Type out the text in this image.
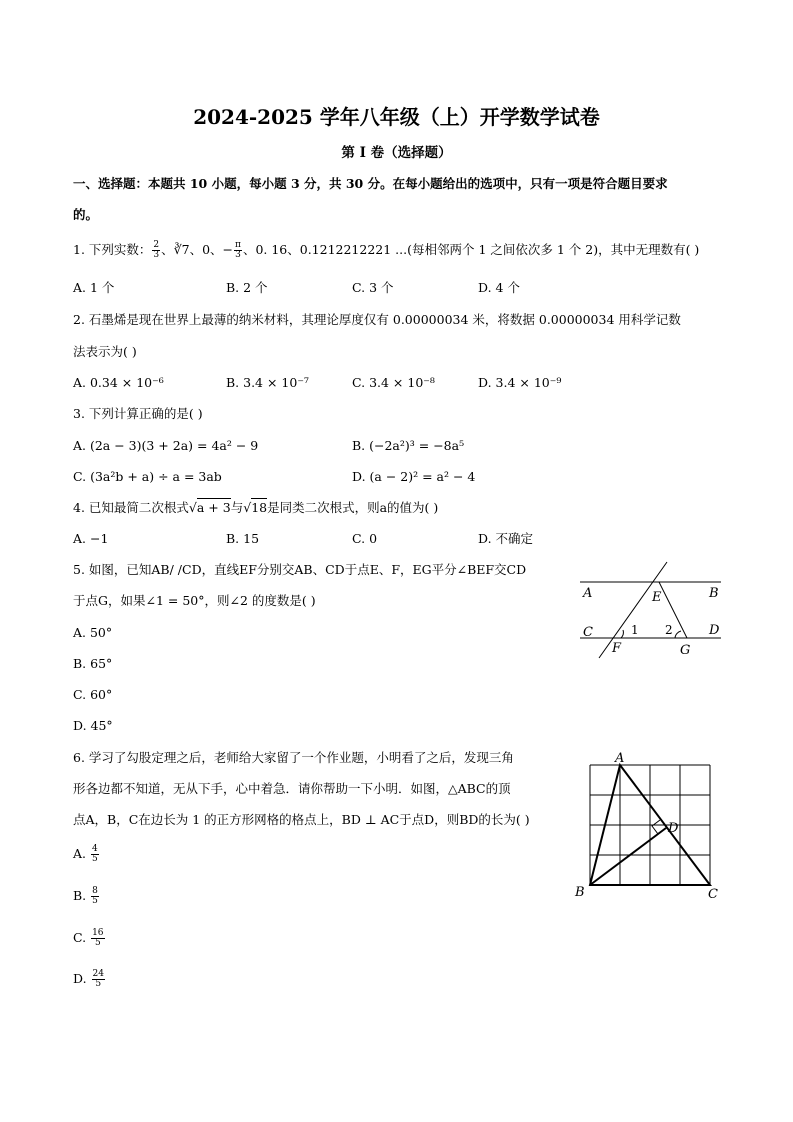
2024-2025 学年八年级（上）开学数学试卷
第 I 卷（选择题）
一、选择题：本题共 10 小题，每小题 3 分，共 30 分。在每小题给出的选项中，只有一项是符合题目要求
的。
1. 下列实数： $\frac{2}{3}$ 、∛7、0、− $\frac{\pi}{3}$ 、0. 16、0.1212212221 ...(每相邻两个 1 之间依次多 1 个 2)，其中无理数有( )
A. 1 个	B. 2 个	C. 3 个	D. 4 个
2. 石墨烯是现在世界上最薄的纳米材料，其理论厚度仅有 0.00000034 米，将数据 0.00000034 用科学记数
法表示为( )
A. 0.34 × 10⁻⁶	B. 3.4 × 10⁻⁷	C. 3.4 × 10⁻⁸	D. 3.4 × 10⁻⁹
3. 下列计算正确的是( )
A. (2a − 3)(3 + 2a) = 4a² − 9	B. (−2a²)³ = −8a⁵
C. (3a²b + a) ÷ a = 3ab	D. (a − 2)² = a² − 4
4. 已知最简二次根式√a + 3与√18是同类二次根式，则a的值为( )
A. −1	B. 15	C. 0	D. 不确定
5. 如图，已知AB/ /CD，直线EF分别交AB、CD于点E、F，EG平分∠BEF交CD
于点G，如果∠1 = 50°，则∠2 的度数是( )
A. 50°
B. 65°
C. 60°
D. 45°
A	B
E
C	D
1 2
F	G
6. 学习了勾股定理之后，老师给大家留了一个作业题，小明看了之后，发现三角
形各边都不知道，无从下手，心中着急．请你帮助一下小明．如图，△ABC的顶
点A，B，C在边长为 1 的正方形网格的格点上，BD ⊥ AC于点D，则BD的长为( )
A. $\frac{4}{5}$
B. $\frac{8}{5}$
C. $\frac{16}{5}$
D. $\frac{24}{5}$
A
B	C
D
